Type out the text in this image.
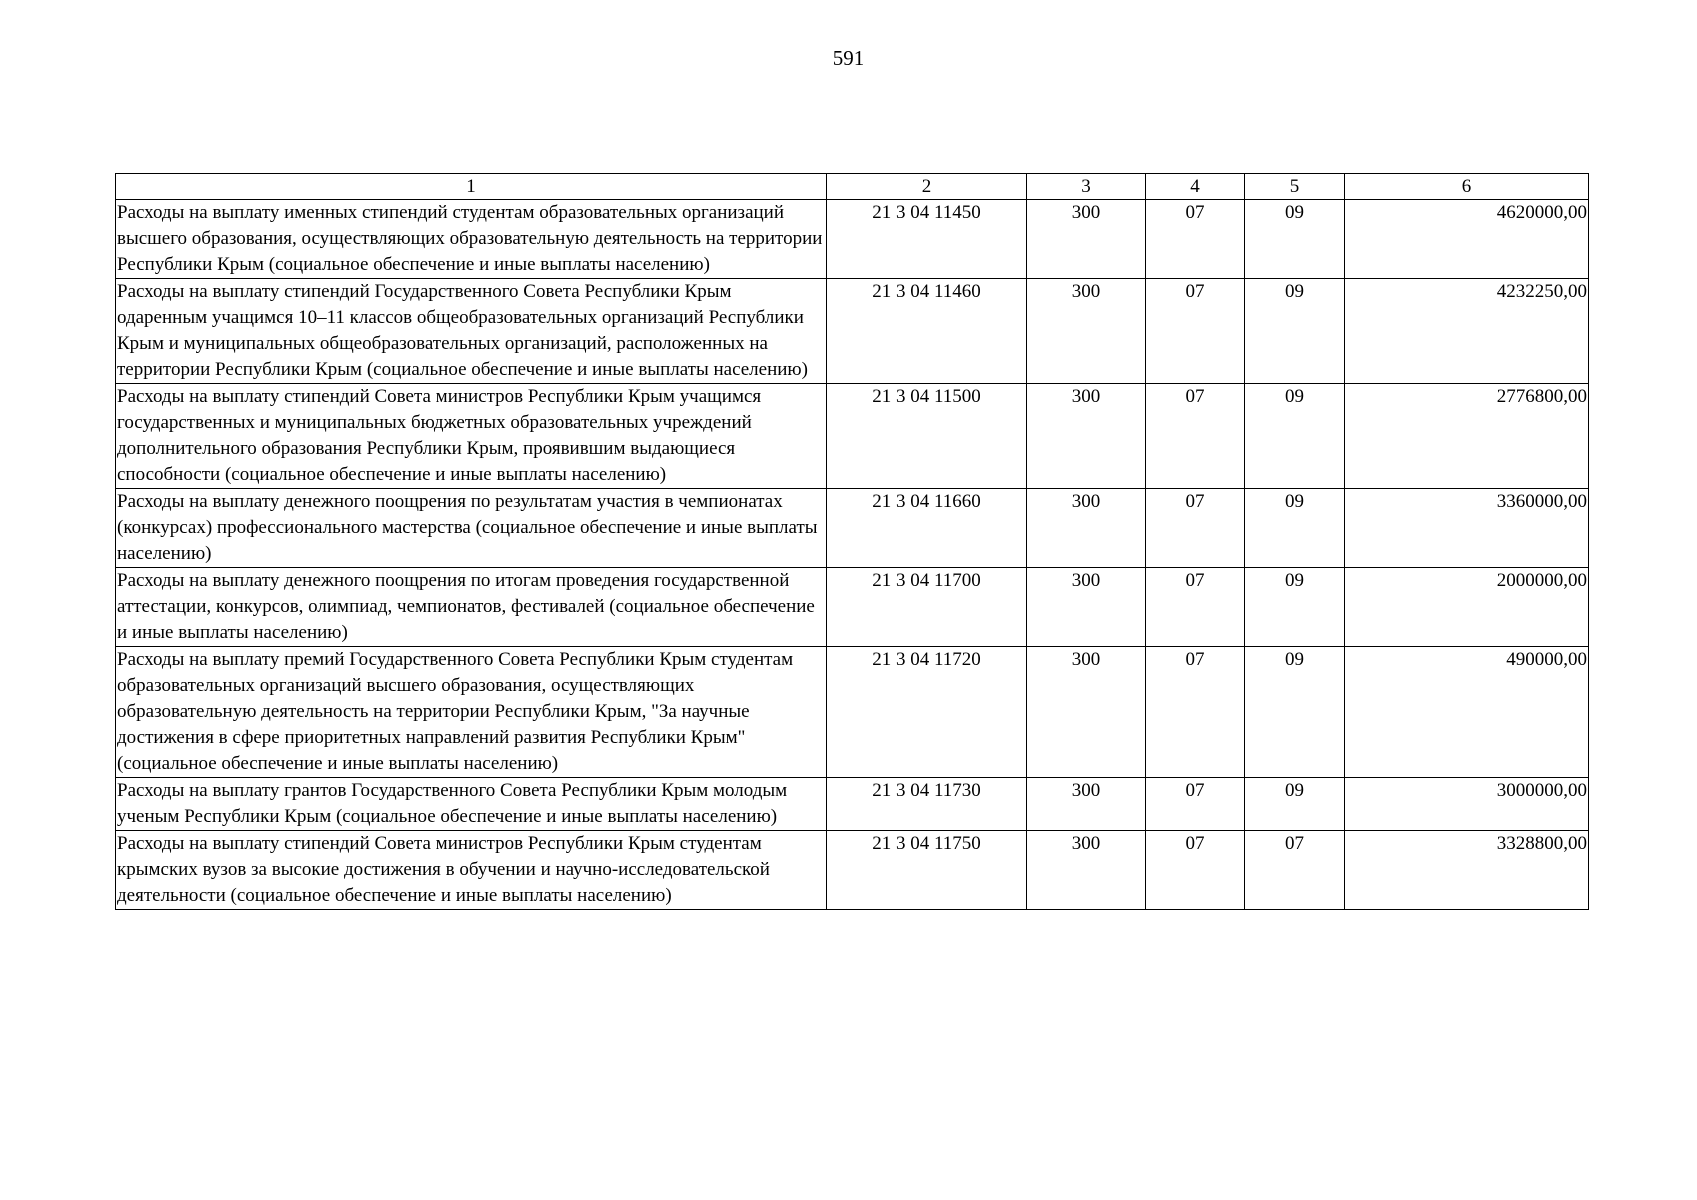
591
1	2	3	4	5	6
Расходы на выплату именных стипендий студентам образовательных организаций высшего образования, осуществляющих образовательную деятельность на территории Республики Крым (социальное обеспечение и иные выплаты населению)	21 3 04 11450	300	07	09	4620000,00
Расходы на выплату стипендий Государственного Совета Республики Крым одаренным учащимся 10–11 классов общеобразовательных организаций Республики Крым и муниципальных общеобразовательных организаций, расположенных на территории Республики Крым (социальное обеспечение и иные выплаты населению)	21 3 04 11460	300	07	09	4232250,00
Расходы на выплату стипендий Совета министров Республики Крым учащимся государственных и муниципальных бюджетных образовательных учреждений дополнительного образования Республики Крым, проявившим выдающиеся способности (социальное обеспечение и иные выплаты населению)	21 3 04 11500	300	07	09	2776800,00
Расходы на выплату денежного поощрения по результатам участия в чемпионатах (конкурсах) профессионального мастерства (социальное обеспечение и иные выплаты населению)	21 3 04 11660	300	07	09	3360000,00
Расходы на выплату денежного поощрения по итогам проведения государственной аттестации, конкурсов, олимпиад, чемпионатов, фестивалей (социальное обеспечение и иные выплаты населению)	21 3 04 11700	300	07	09	2000000,00
Расходы на выплату премий Государственного Совета Республики Крым студентам образовательных организаций высшего образования, осуществляющих образовательную деятельность на территории Республики Крым, "За научные достижения в сфере приоритетных направлений развития Республики Крым" (социальное обеспечение и иные выплаты населению)	21 3 04 11720	300	07	09	490000,00
Расходы на выплату грантов Государственного Совета Республики Крым молодым ученым Республики Крым (социальное обеспечение и иные выплаты населению)	21 3 04 11730	300	07	09	3000000,00
Расходы на выплату стипендий Совета министров Республики Крым студентам крымских вузов за высокие достижения в обучении и научно-исследовательской деятельности (социальное обеспечение и иные выплаты населению)	21 3 04 11750	300	07	07	3328800,00
